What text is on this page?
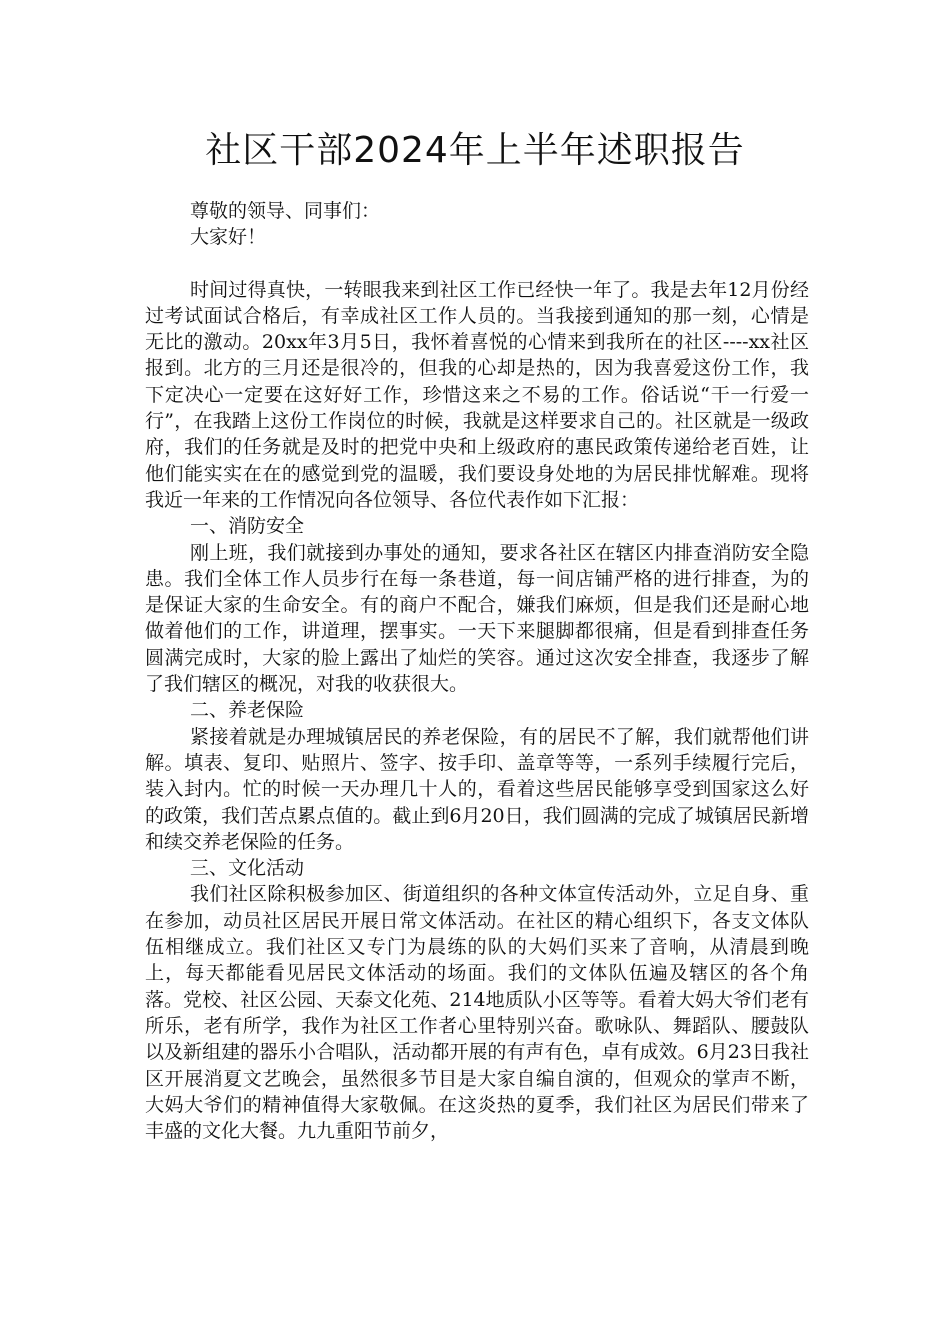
社区干部2024年上半年述职报告

尊敬的领导、同事们：

大家好！

时间过得真快，一转眼我来到社区工作已经快一年了。我是去年12月份经过考试面试合格后，有幸成社区工作人员的。当我接到通知的那一刻，心情是无比的激动。20xx年3月5日，我怀着喜悦的心情来到我所在的社区----xx社区报到。北方的三月还是很冷的，但我的心却是热的，因为我喜爱这份工作，我下定决心一定要在这好好工作，珍惜这来之不易的工作。俗话说“干一行爱一行”，在我踏上这份工作岗位的时候，我就是这样要求自己的。社区就是一级政府，我们的任务就是及时的把党中央和上级政府的惠民政策传递给老百姓，让他们能实实在在的感觉到党的温暖，我们要设身处地的为居民排忧解难。现将我近一年来的工作情况向各位领导、各位代表作如下汇报：

一、消防安全

刚上班，我们就接到办事处的通知，要求各社区在辖区内排查消防安全隐患。我们全体工作人员步行在每一条巷道，每一间店铺严格的进行排查，为的是保证大家的生命安全。有的商户不配合，嫌我们麻烦，但是我们还是耐心地做着他们的工作，讲道理，摆事实。一天下来腿脚都很痛，但是看到排查任务圆满完成时，大家的脸上露出了灿烂的笑容。通过这次安全排查，我逐步了解了我们辖区的概况，对我的收获很大。

二、养老保险

紧接着就是办理城镇居民的养老保险，有的居民不了解，我们就帮他们讲解。填表、复印、贴照片、签字、按手印、盖章等等，一系列手续履行完后，装入封内。忙的时候一天办理几十人的，看着这些居民能够享受到国家这么好的政策，我们苦点累点值的。截止到6月20日，我们圆满的完成了城镇居民新增和续交养老保险的任务。

三、文化活动

我们社区除积极参加区、街道组织的各种文体宣传活动外，立足自身、重在参加，动员社区居民开展日常文体活动。在社区的精心组织下，各支文体队伍相继成立。我们社区又专门为晨练的队的大妈们买来了音响，从清晨到晚上，每天都能看见居民文体活动的场面。我们的文体队伍遍及辖区的各个角落。党校、社区公园、天泰文化苑、214地质队小区等等。看着大妈大爷们老有所乐，老有所学，我作为社区工作者心里特别兴奋。歌咏队、舞蹈队、腰鼓队以及新组建的器乐小合唱队，活动都开展的有声有色，卓有成效。6月23日我社区开展消夏文艺晚会，虽然很多节目是大家自编自演的，但观众的掌声不断，大妈大爷们的精神值得大家敬佩。在这炎热的夏季，我们社区为居民们带来了丰盛的文化大餐。九九重阳节前夕，
